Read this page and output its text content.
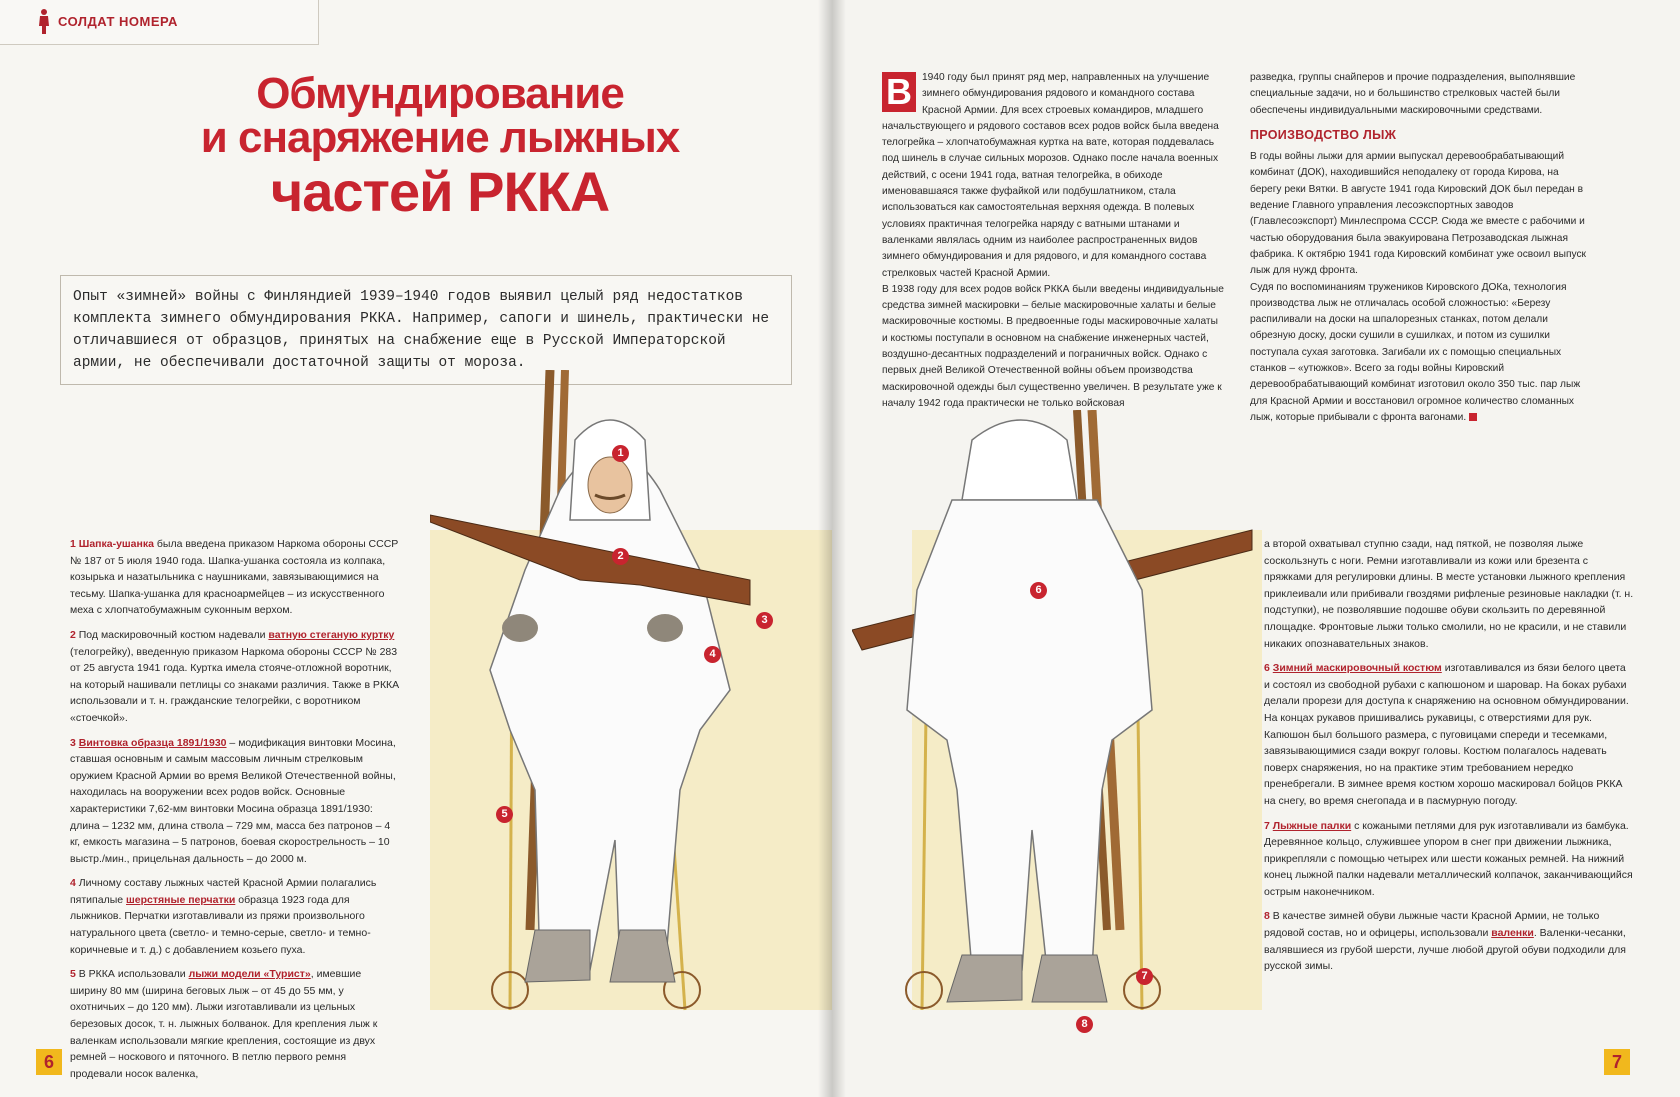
СОЛДАТ НОМЕРА
Обмундирование
и снаряжение лыжных
частей РККА
Опыт «зимней» войны с Финляндией 1939–1940 годов выявил целый ряд недостатков комплекта зимнего обмундирования РККА. Например, сапоги и шинель, практически не отличавшиеся от образцов, принятых на снабжение еще в Русской Императорской армии, не обеспечивали достаточной защиты от мороза.
1
2
3
4
5

1 Шапка-ушанка была введена приказом Наркома обороны СССР № 187 от 5 июля 1940 года. Шапка-ушанка состояла из колпака, козырька и назатыльника с наушниками, завязывающимися на тесьму. Шапка-ушанка для красноармейцев – из искусственного меха с хлопчатобумажным суконным верхом.

2 Под маскировочный костюм надевали ватную стеганую куртку (телогрейку), введенную приказом Наркома обороны СССР № 283 от 25 августа 1941 года. Куртка имела стояче-отложной воротник, на который нашивали петлицы со знаками различия. Также в РККА использовали и т. н. гражданские телогрейки, с воротником «стоечкой».

3 Винтовка образца 1891/1930 – модификация винтовки Мосина, ставшая основным и самым массовым личным стрелковым оружием Красной Армии во время Великой Отечественной войны, находилась на вооружении всех родов войск. Основные характеристики 7,62-мм винтовки Мосина образца 1891/1930: длина – 1232 мм, длина ствола – 729 мм, масса без патронов – 4 кг, емкость магазина – 5 патронов, боевая скорострельность – 10 выстр./мин., прицельная дальность – до 2000 м.

4 Личному составу лыжных частей Красной Армии полагались пятипалые шерстяные перчатки образца 1923 года для лыжников. Перчатки изготавливали из пряжи произвольного натурального цвета (светло- и темно-серые, светло- и темно-коричневые и т. д.) с добавлением козьего пуха.

5 В РККА использовали лыжи модели «Турист», имевшие ширину 80 мм (ширина беговых лыж – от 45 до 55 мм, у охотничьих – до 120 мм). Лыжи изготавливали из цельных березовых досок, т. н. лыжных болванок. Для крепления лыж к валенкам использовали мягкие крепления, состоящие из двух ремней – носкового и пяточного. В петлю первого ремня продевали носок валенка,

6

В 1940 году был принят ряд мер, направленных на улучшение зимнего обмундирования рядового и командного состава Красной Армии. Для всех строевых командиров, младшего начальствующего и рядового составов всех родов войск была введена телогрейка – хлопчатобумажная куртка на вате, которая поддевалась под шинель в случае сильных морозов. Однако после начала военных действий, с осени 1941 года, ватная телогрейка, в обиходе именовавшаяся также фуфайкой или подбушлатником, стала использоваться как самостоятельная верхняя одежда. В полевых условиях практичная телогрейка наряду с ватными штанами и валенками являлась одним из наиболее распространенных видов зимнего обмундирования и для рядового, и для командного состава стрелковых частей Красной Армии.

В 1938 году для всех родов войск РККА были введены индивидуальные средства зимней маскировки – белые маскировочные халаты и белые маскировочные костюмы. В предвоенные годы маскировочные халаты и костюмы поступали в основном на снабжение инженерных частей, воздушно-десантных подразделений и пограничных войск. Однако с первых дней Великой Отечественной войны объем производства маскировочной одежды был существенно увеличен. В результате уже к началу 1942 года практически не только войсковая

разведка, группы снайперов и прочие подразделения, выполнявшие специальные задачи, но и большинство стрелковых частей были обеспечены индивидуальными маскировочными средствами.

ПРОИЗВОДСТВО ЛЫЖ

В годы войны лыжи для армии выпускал деревообрабатывающий комбинат (ДОК), находившийся неподалеку от города Кирова, на берегу реки Вятки. В августе 1941 года Кировский ДОК был передан в ведение Главного управления лесоэкспортных заводов (Главлесоэкспорт) Минлеспрома СССР. Сюда же вместе с рабочими и частью оборудования была эвакуирована Петрозаводская лыжная фабрика. К октябрю 1941 года Кировский комбинат уже освоил выпуск лыж для нужд фронта.

Судя по воспоминаниям тружеников Кировского ДОКа, технология производства лыж не отличалась особой сложностью: «Березу распиливали на доски на шпалорезных станках, потом делали обрезную доску, доски сушили в сушилках, и потом из сушилки поступала сухая заготовка. Загибали их с помощью специальных станков – «утюжков». Всего за годы войны Кировский деревообрабатывающий комбинат изготовил около 350 тыс. пар лыж для Красной Армии и восстановил огромное количество сломанных лыж, которые прибывали с фронта вагонами.

6
7
8

а второй охватывал ступню сзади, над пяткой, не позволяя лыже соскользнуть с ноги. Ремни изготавливали из кожи или брезента с пряжками для регулировки длины. В месте установки лыжного крепления приклеивали или прибивали гвоздями рифленые резиновые накладки (т. н. подступки), не позволявшие подошве обуви скользить по деревянной площадке. Фронтовые лыжи только смолили, но не красили, и не ставили никаких опознавательных знаков.

6 Зимний маскировочный костюм изготавливался из бязи белого цвета и состоял из свободной рубахи с капюшоном и шаровар. На боках рубахи делали прорези для доступа к снаряжению на основном обмундировании. На концах рукавов пришивались рукавицы, с отверстиями для рук. Капюшон был большого размера, с пуговицами спереди и тесемками, завязывающимися сзади вокруг головы. Костюм полагалось надевать поверх снаряжения, но на практике этим требованием нередко пренебрегали. В зимнее время костюм хорошо маскировал бойцов РККА на снегу, во время снегопада и в пасмурную погоду.

7 Лыжные палки с кожаными петлями для рук изготавливали из бамбука. Деревянное кольцо, служившее упором в снег при движении лыжника, прикрепляли с помощью четырех или шести кожаных ремней. На нижний конец лыжной палки надевали металлический колпачок, заканчивающийся острым наконечником.

8 В качестве зимней обуви лыжные части Красной Армии, не только рядовой состав, но и офицеры, использовали валенки. Валенки-чесанки, валявшиеся из грубой шерсти, лучше любой другой обуви подходили для русской зимы.

7
